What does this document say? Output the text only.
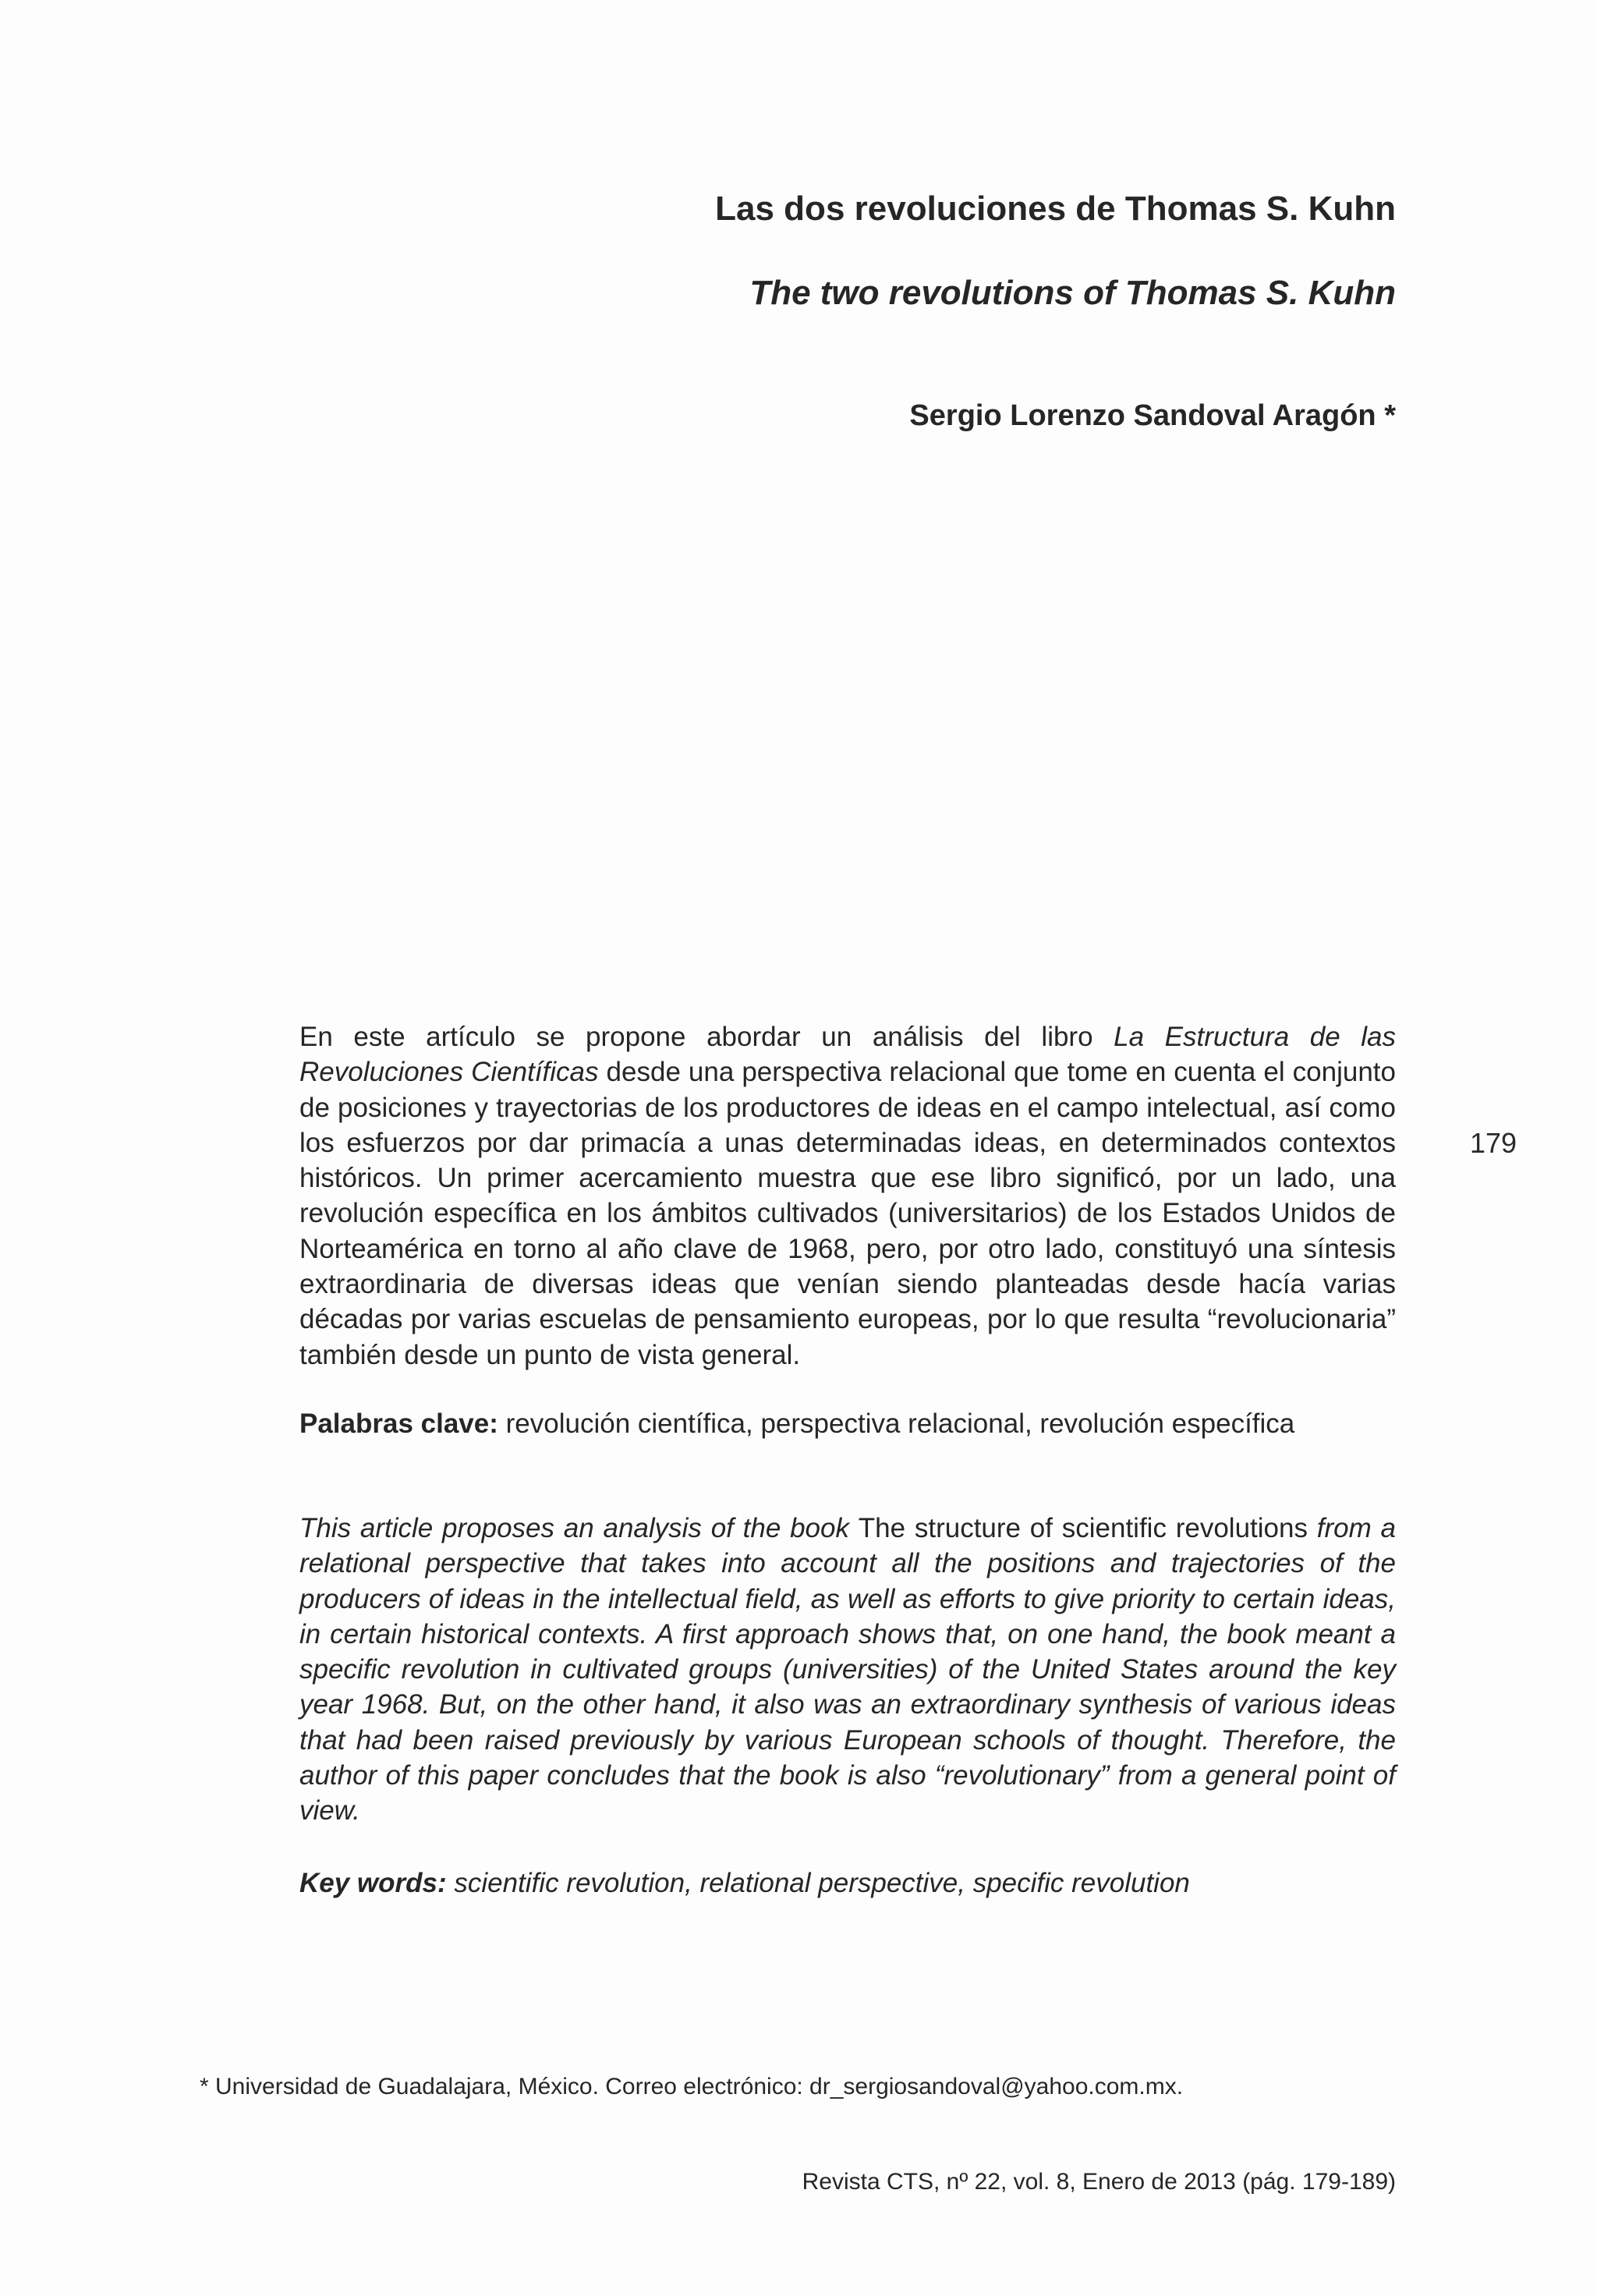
Las dos revoluciones de Thomas S. Kuhn
The two revolutions of Thomas S. Kuhn

Sergio Lorenzo Sandoval Aragón *

En este artículo se propone abordar un análisis del libro La Estructura de las Revoluciones Científicas desde una perspectiva relacional que tome en cuenta el conjunto de posiciones y trayectorias de los productores de ideas en el campo intelectual, así como los esfuerzos por dar primacía a unas determinadas ideas, en determinados contextos históricos. Un primer acercamiento muestra que ese libro significó, por un lado, una revolución específica en los ámbitos cultivados (universitarios) de los Estados Unidos de Norteamérica en torno al año clave de 1968, pero, por otro lado, constituyó una síntesis extraordinaria de diversas ideas que venían siendo planteadas desde hacía varias décadas por varias escuelas de pensamiento europeas, por lo que resulta “revolucionaria” también desde un punto de vista general.

Palabras clave: revolución científica, perspectiva relacional, revolución específica

This article proposes an analysis of the book The structure of scientific revolutions from a relational perspective that takes into account all the positions and trajectories of the producers of ideas in the intellectual field, as well as efforts to give priority to certain ideas, in certain historical contexts. A first approach shows that, on one hand, the book meant a specific revolution in cultivated groups (universities) of the United States around the key year 1968. But, on the other hand, it also was an extraordinary synthesis of various ideas that had been raised previously by various European schools of thought. Therefore, the author of this paper concludes that the book is also “revolutionary” from a general point of view.

Key words: scientific revolution, relational perspective, specific revolution

179

* Universidad de Guadalajara, México. Correo electrónico: dr_sergiosandoval@yahoo.com.mx.

Revista CTS, nº 22, vol. 8, Enero de 2013 (pág. 179-189)
